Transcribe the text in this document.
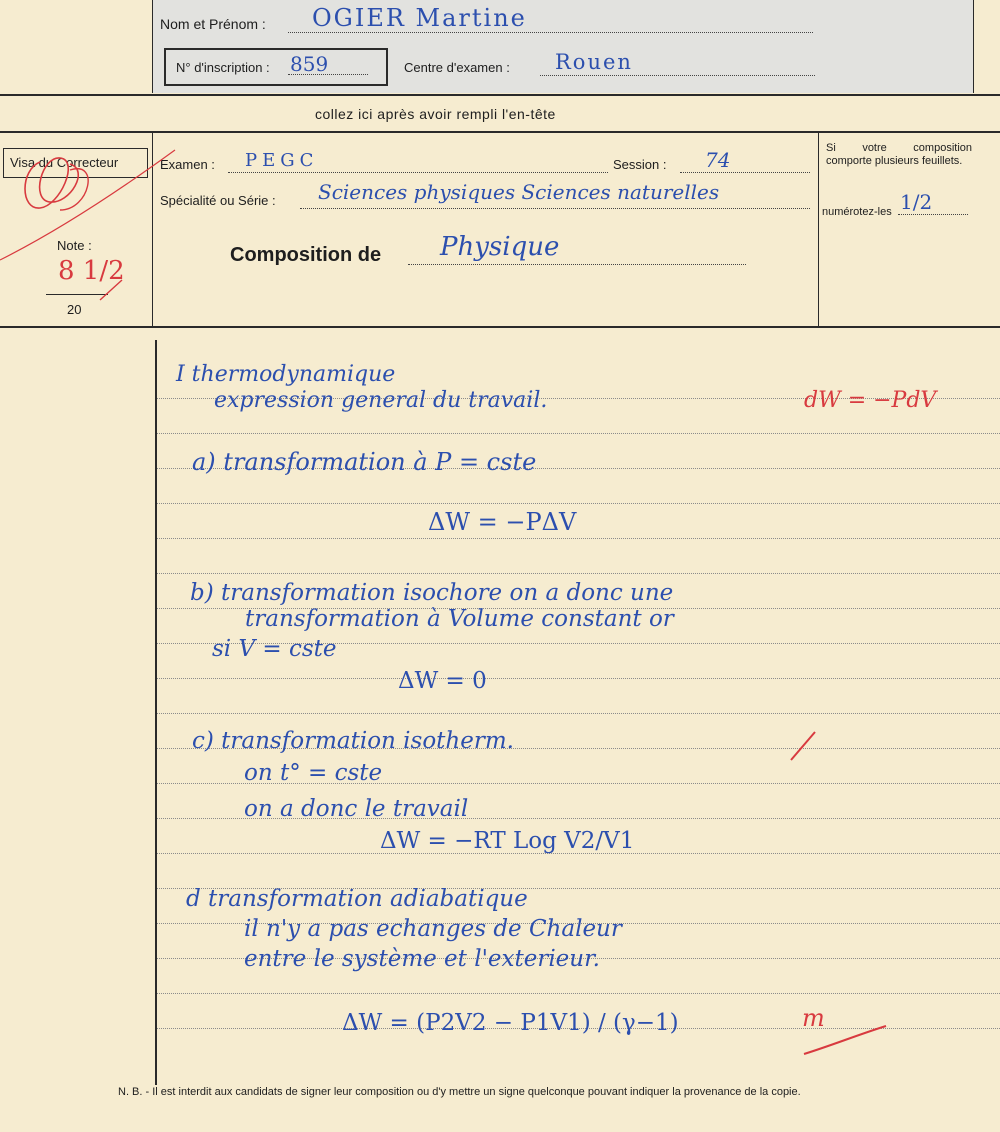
Nom et Prénom : OGIER Martine
N° d'inscription : 859	Centre d'examen : Rouen
collez ici après avoir rempli l'en-tête
Visa du Correcteur	Examen : PEGC	Session : 74
Spécialité ou Série : Sciences physiques Sciences naturelles
Composition de Physique
Note :
8 1/2
20
Si votre composition comporte plusieurs feuillets.
numérotez-les 1/2
I thermodynamique
expression general du travail.	dW = −PdV
a) transformation à P = cste
ΔW = −PΔV
b) transformation isochore on a donc une
transformation à Volume constant or
si V = cste
ΔW = 0
c) transformation isotherm.
on t° = cste
on a donc le travail
ΔW = −RT Log V2/V1
d transformation adiabatique
il n'y a pas echanges de Chaleur
entre le système et l'exterieur.
ΔW = (P2V2 − P1V1) / (γ−1)	m
N. B. - Il est interdit aux candidats de signer leur composition ou d'y mettre un signe quelconque pouvant indiquer la provenance de la copie.
